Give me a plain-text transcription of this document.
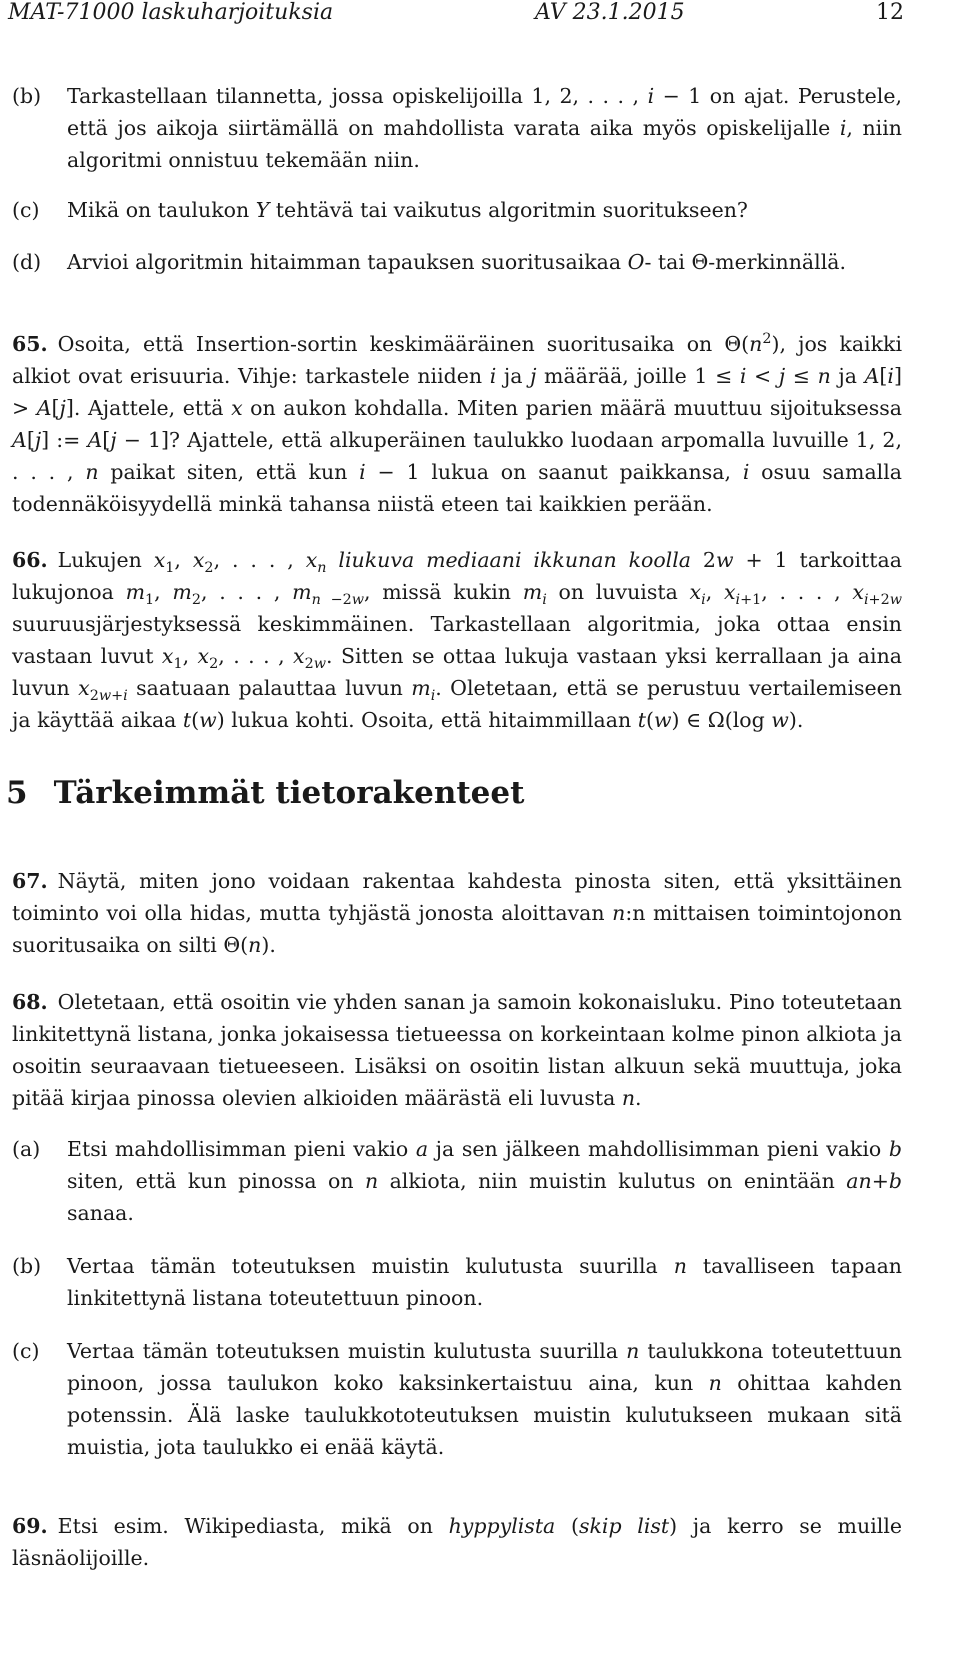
MAT-71000 laskuharjoituksia	AV 23.1.2015	12
(b) Tarkastellaan tilannetta, jossa opiskelijoilla 1, 2, . . . , i − 1 on ajat. Perustele, että jos aikoja siirtämällä on mahdollista varata aika myös opiskelijalle i, niin algoritmi onnistuu tekemään niin.
(c) Mikä on taulukon Y tehtävä tai vaikutus algoritmin suoritukseen?
(d) Arvioi algoritmin hitaimman tapauksen suoritusaikaa O- tai Θ-merkinnällä.
65. Osoita, että Insertion-sortin keskimääräinen suoritusaika on $\Theta(n^2)$, jos kaikki alkiot ovat erisuuria. Vihje: tarkastele niiden i ja j määrää, joille 1 ≤ i < j ≤ n ja A[i] > A[j]. Ajattele, että x on aukon kohdalla. Miten parien määrä muuttuu sijoituksessa A[j] := A[j − 1]? Ajattele, että alkuperäinen taulukko luodaan arpomalla luvuille 1, 2, . . . , n paikat siten, että kun i − 1 lukua on saanut paikkansa, i osuu samalla todennäköisyydellä minkä tahansa niistä eteen tai kaikkien perään.
66. Lukujen $x_1$, $x_2$, . . . , $x_n$ liukuva mediaani ikkunan koolla 2w + 1 tarkoittaa lukujonoa $m_1$, $m_2$, . . . , $m_{n -2w}$, missä kukin $m_i$ on luvuista $x_i$, $x_{i+1}$, . . . , $x_{i+2w}$ suuruusjärjestyksessä keskimmäinen. Tarkastellaan algoritmia, joka ottaa ensin vastaan luvut $x_1$, $x_2$, . . . , $x_{2w}$. Sitten se ottaa lukuja vastaan yksi kerrallaan ja aina luvun $x_{2w+i}$ saatuaan palauttaa luvun $m_i$. Oletetaan, että se perustuu vertailemiseen ja käyttää aikaa t(w) lukua kohti. Osoita, että hitaimmillaan t(w) ∈ Ω(log w).
5 Tärkeimmät tietorakenteet
67. Näytä, miten jono voidaan rakentaa kahdesta pinosta siten, että yksittäinen toiminto voi olla hidas, mutta tyhjästä jonosta aloittavan n:n mittaisen toimintojonon suoritusaika on silti Θ(n).
68. Oletetaan, että osoitin vie yhden sanan ja samoin kokonaisluku. Pino toteutetaan linkitettynä listana, jonka jokaisessa tietueessa on korkeintaan kolme pinon alkiota ja osoitin seuraavaan tietueeseen. Lisäksi on osoitin listan alkuun sekä muuttuja, joka pitää kirjaa pinossa olevien alkioiden määrästä eli luvusta n.
(a) Etsi mahdollisimman pieni vakio a ja sen jälkeen mahdollisimman pieni vakio b siten, että kun pinossa on n alkiota, niin muistin kulutus on enintään an+b sanaa.
(b) Vertaa tämän toteutuksen muistin kulutusta suurilla n tavalliseen tapaan linkitettynä listana toteutettuun pinoon.
(c) Vertaa tämän toteutuksen muistin kulutusta suurilla n taulukkona toteutettuun pinoon, jossa taulukon koko kaksinkertaistuu aina, kun n ohittaa kahden potenssin. Älä laske taulukkototeutuksen muistin kulutukseen mukaan sitä muistia, jota taulukko ei enää käytä.
69. Etsi esim. Wikipediasta, mikä on hyppylista (skip list) ja kerro se muille läsnäolijoille.
